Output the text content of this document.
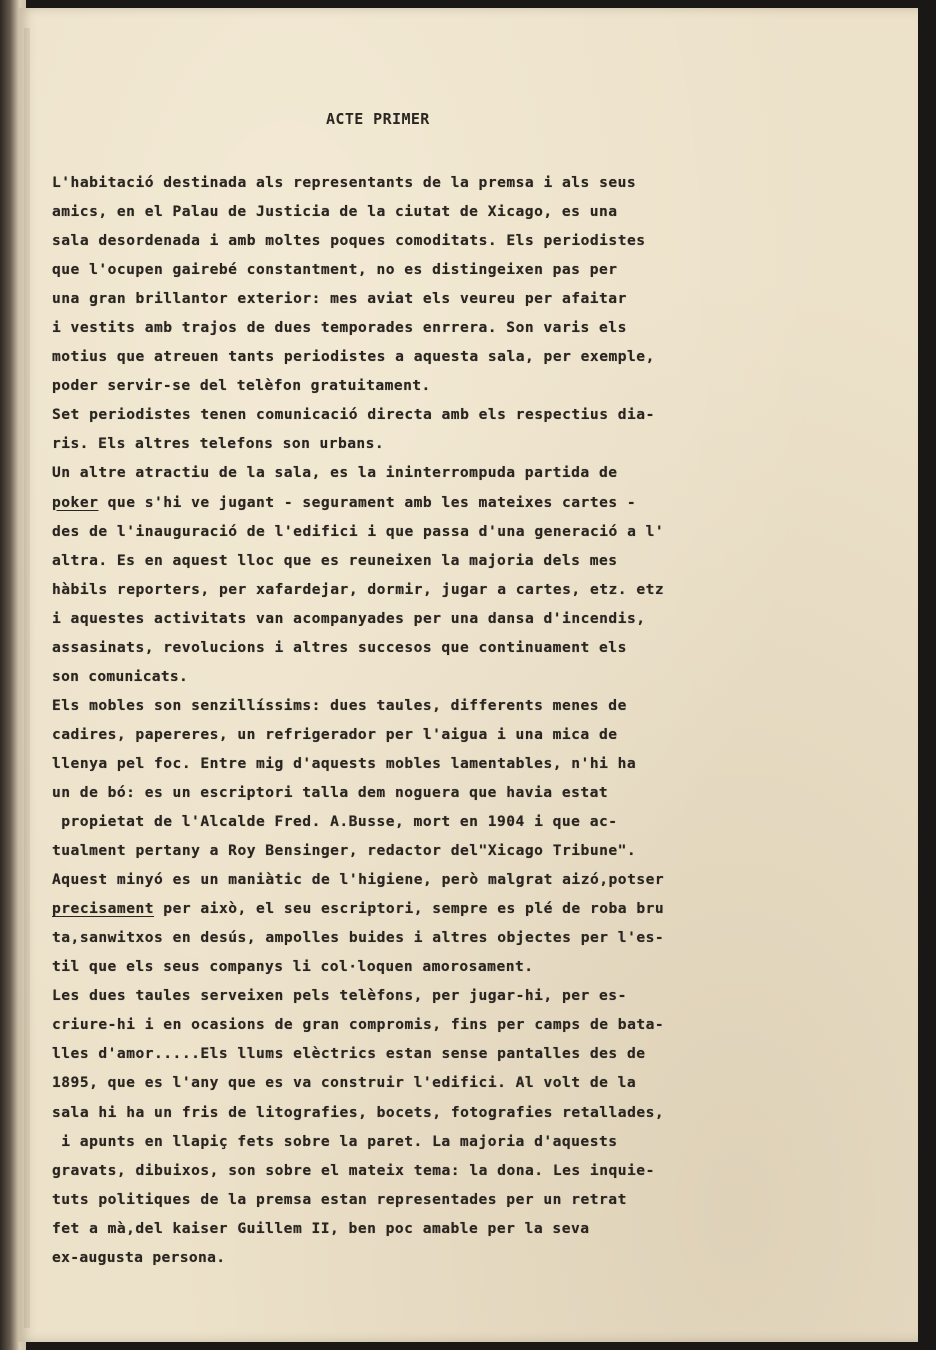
ACTE PRIMER
L'habitació destinada als representants de la premsa i als seus
amics, en el Palau de Justicia de la ciutat de Xicago, es una
sala desordenada i amb moltes poques comoditats. Els periodistes
que l'ocupen gairebé constantment, no es distingeixen pas per
una gran brillantor exterior: mes aviat els veureu per afaitar
i vestits amb trajos de dues temporades enrrera. Son varis els
motius que atreuen tants periodistes a aquesta sala, per exemple,
poder servir-se del telèfon gratuitament.
Set periodistes tenen comunicació directa amb els respectius dia-
ris. Els altres telefons son urbans.
Un altre atractiu de la sala, es la ininterrompuda partida de
poker que s'hi ve jugant - segurament amb les mateixes cartes -
des de l'inauguració de l'edifici i que passa d'una generació a l'
altra. Es en aquest lloc que es reuneixen la majoria dels mes
hàbils reporters, per xafardejar, dormir, jugar a cartes, etz. etz
i aquestes activitats van acompanyades per una dansa d'incendis,
assasinats, revolucions i altres succesos que continuament els
son comunicats.
Els mobles son senzillíssims: dues taules, differents menes de
cadires, papereres, un refrigerador per l'aigua i una mica de
llenya pel foc. Entre mig d'aquests mobles lamentables, n'hi ha
un de bó: es un escriptori talla dem noguera que havia estat
propietat de l'Alcalde Fred. A.Busse, mort en 1904 i que ac-
tualment pertany a Roy Bensinger, redactor del"Xicago Tribune".
Aquest minyó es un maniàtic de l'higiene, però malgrat aizó,potser
precisament per això, el seu escriptori, sempre es plé de roba bru
ta,sanwitxos en desús, ampolles buides i altres objectes per l'es-
til que els seus companys li col·loquen amorosament.
Les dues taules serveixen pels telèfons, per jugar-hi, per es-
criure-hi i en ocasions de gran compromis, fins per camps de bata-
lles d'amor.....Els llums elèctrics estan sense pantalles des de
1895, que es l'any que es va construir l'edifici. Al volt de la
sala hi ha un fris de litografies, bocets, fotografies retallades,
i apunts en llapiç fets sobre la paret. La majoria d'aquests
gravats, dibuixos, son sobre el mateix tema: la dona. Les inquie-
tuts politiques de la premsa estan representades per un retrat
fet a mà,del kaiser Guillem II, ben poc amable per la seva
ex-augusta persona.
